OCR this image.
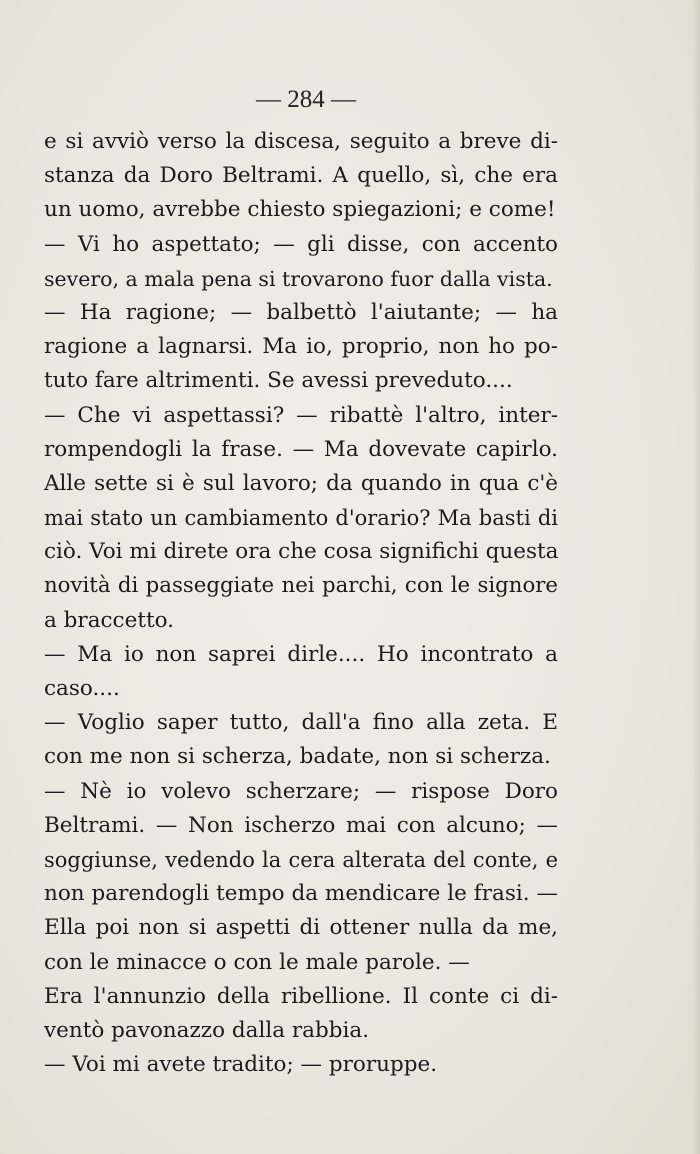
— 284 —
e si avviò verso la discesa, seguito a breve di-
stanza da Doro Beltrami. A quello, sì, che era
un uomo, avrebbe chiesto spiegazioni; e come!
— Vi ho aspettato; — gli disse, con accento
severo, a mala pena si trovarono fuor dalla vista.
— Ha ragione; — balbettò l'aiutante; — ha
ragione a lagnarsi. Ma io, proprio, non ho po-
tuto fare altrimenti. Se avessi preveduto....
— Che vi aspettassi? — ribattè l'altro, inter-
rompendogli la frase. — Ma dovevate capirlo.
Alle sette si è sul lavoro; da quando in qua c'è
mai stato un cambiamento d'orario? Ma basti di
ciò. Voi mi direte ora che cosa significhi questa
novità di passeggiate nei parchi, con le signore
a braccetto.
— Ma io non saprei dirle.... Ho incontrato a
caso....
— Voglio saper tutto, dall'a fino alla zeta. E
con me non si scherza, badate, non si scherza.
— Nè io volevo scherzare; — rispose Doro
Beltrami. — Non ischerzo mai con alcuno; —
soggiunse, vedendo la cera alterata del conte, e
non parendogli tempo da mendicare le frasi. —
Ella poi non si aspetti di ottener nulla da me,
con le minacce o con le male parole. —
Era l'annunzio della ribellione. Il conte ci di-
ventò pavonazzo dalla rabbia.
— Voi mi avete tradito; — proruppe.
